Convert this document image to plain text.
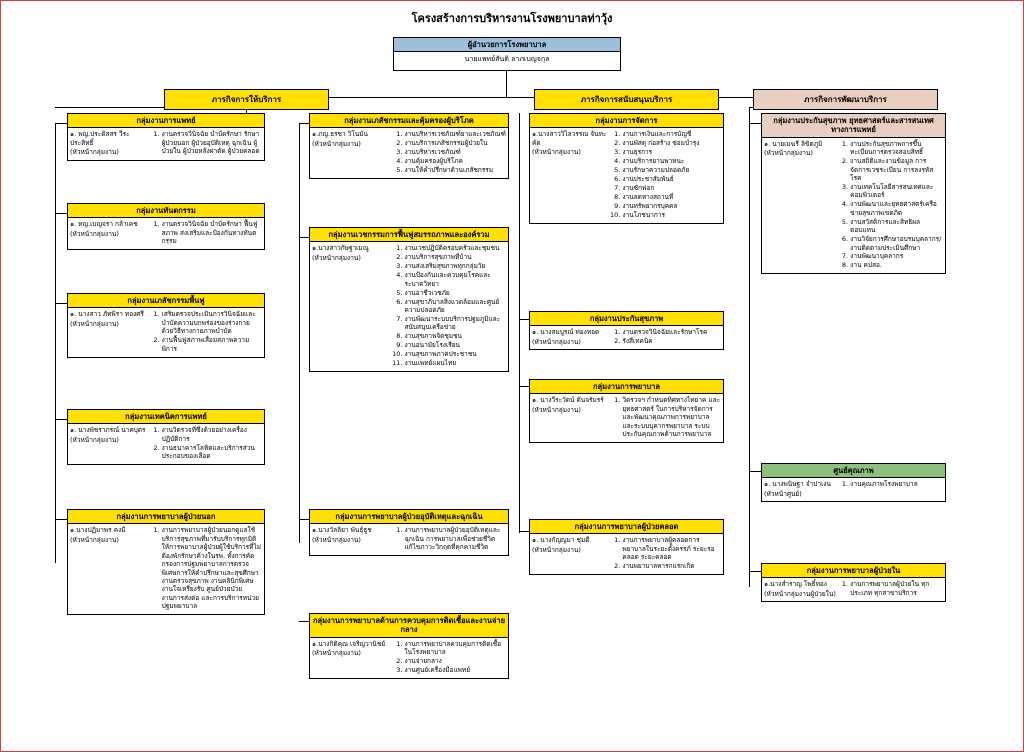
โครงสร้างการบริหารงานโรงพยาบาลท่าวุ้ง
ผู้อำนวยการโรงพยาบาล
นายแพทย์สันติ ลาภเบญจกุล
ภารกิจการให้บริการ	ภารกิจการสนับสนุนบริการ	ภารกิจการพัฒนาบริการ
กลุ่มงานการแพทย์
๑. พญ.ประดิสสร วีระประสิทธิ์
(หัวหน้ากลุ่มงาน)
1. งานตรวจวินิจฉัย บำบัดรักษา รักษาผู้ป่วยนอก ผู้ป่วยอุบัติเหตุ ฉุกเฉิน ผู้ป่วยใน ผู้ป่วยหลังผ่าตัด ผู้ป่วยคลอด
กลุ่มงานทันตกรรม
๑. ทญ.เบญจรา กล้าเคช
(หัวหน้ากลุ่มงาน)
1. งานตรวจวินิจฉัย บำบัดรักษา ฟื้นฟูสภาพ ส่งเสริมและป้องกันทางทันตกรรม
กลุ่มงานเภสัชกรรมพื้นฟู
๑. นางสาว ภัทพิรา ทองศรี
(หัวหน้ากลุ่มงาน)
1. เสริมตรวจประเมินการวินิจฉัยและบำบัดความบกพร่องของร่างกาย ด้วยวิธีทางกายภาพบำบัด
2. งานฟื้นฟูสภาพเสื่อมสภาพความพิการ
กลุ่มงานเทคนิคการแพทย์
๑. นางพัชราภรณ์ นาคบุตร
(หัวหน้ากลุ่มงาน)
1. งานวิตรวจที่ซึ่งด้วยอย่างเครื่องปฏิบัติการ
2. งานธนาคารโลหิตและบริการส่วนประกอบของเลือด
กลุ่มงานการพยาบาลผู้ป่วยนอก
๑.นางปฏิมาพร คงมี
(หัวหน้ากลุ่มงาน)
1. งานการพยาบาลผู้ป่วยนอกดูแลใช้บริการสุขภาพที่มารับบริการทุกมิติให้การพยาบาลผู้ป่วยผู้ใช้บริการที่ไม่ต้องพักรักษาค้างในรพ. ทั้งการคัดกรองการปฐมพยาบาลการตรวจพิเศษการให้คำปรึกษาและสุขศึกษา งานตรวจสุขภาพ งานคลินิกพิเศษ งานใจเหรี่ยงรับ ศูนย์ป่วยป่วย งานการส่งต่อ และการบริการหน่วยปฐมพยาบาล
กลุ่มงานเภสัชกรรมและคุ้มครองผู้บริโภค
๑.ภญ.ธรชา วิโนมัน
(หัวหน้ากลุ่มงาน)
1. งานบริหารเวชภัณฑ์ยาและเวชภัณฑ์
2. งานบริการเภสัชกรรมผู้ป่วยใน
3. งานบริหารเวชภัณฑ์
4. งานคุ้มครองผู้บริโภค
5. งานให้คำปรึกษาด้านเภสัชกรรม
กลุ่มงานเวชกรรมการฟื้นฟูสมรรถภาพและองค์รวม
๑.นางสาวกัษฐาเมณู
(หัวหน้ากลุ่มงาน)
1. งานเวชปฏิบัติครอบครัวและชุมชน
2. งานบริการสุขภาพที่บ้าน
3. งานส่งเสริมสุขภาพทุกกลุ่มวัย
4. งานป้องกันและควบคุมโรคและ ระบาดวิทยา
5. งานอาชีวเวชภัย
6. งานสุขาภิบาลสิ่งแวดล้อมและศูนย์ความปลอดภัย
7. งานพัฒนาระบบบริการปฐมภูมิและสนับสนุนเครือข่าย
8. งานสุขภาพจิตชุมชน
9. งานอนามัยโรงเรียน
10. งานสุขภาพภาคประชาชน
11. งานแพทย์แผนไทย
กลุ่มงานการพยาบาลผู้ป่วยอุบัติเหตุและฉุกเฉิน
๑.นางวัลลิยา พันธุ์ธูช
(หัวหน้ากลุ่มงาน)
1. งานการพยาบาลผู้ป่วยอุบัติเหตุและฉุกเฉิน การพยาบาลเพื่อช่วยชีวิต แก้ไขภาวะวิกฤตที่คุกคามชีวิต
กลุ่มงานการพยาบาลด้านการควบคุมการติดเชื้อและงานจ่ายกลาง
๑.นางกิติคุณ เจริญวานิชย์
(หัวหน้ากลุ่มงาน)
1. งานการพยาบาลควบคุมการติดเชื้อในโรงพยาบาล
2. งานจ่ายกลาง
3. งานศูนย์เครื่องมือแพทย์
กลุ่มงานการจัดการ
๑.นางสาววิไลวรรณ จันทะคัด
(หัวหน้ากลุ่มงาน)
1. งานการเงินและการบัญชี
2. งานพัสดุ ก่อสร้าง ซ่อมบำรุง
3. งานธุรการ
4. งานบริการยานพาหนะ
5. งานรักษาความปลอดภัย
6. งานประชาสัมพันธ์
7. งานซักฟอก
8. งานลดหางสถานที่
9. งานทรัพยากรบุคคล
10. งานโภชนาการ
กลุ่มงานประกันสุขภาพ
๑. นางสมบูรณ์ ทองทอด
(หัวหน้ากลุ่มงาน)
1. งานตรวจวินิจฉัยและรักษาโรค
2. รังสีเทคนิค
กลุ่มงานการพยาบาล
๑. นางวีระวัตน์ ตันจรัมรร์
(หัวหน้ากลุ่มงาน)
1. วิตรวจฯ กำหนดทิศทางไทยาค และยุทธศาสตร์ ในการบริหารจัดการและพัฒนาคุณภาพการพยาบาลและระบบบุคากรพยาบาล ระบบประกันคุณภาพด้านการพยาบาล
กลุ่มงานการพยาบาลผู้ป่วยคลอด
๑. นางกัญญมา ชุ่มดี
(หัวหน้ากลุ่มงาน)
1. งานการพยาบาลผู้คลอดการพยาบาลในระยะตั้งครรภ์ ระยะรอคลอด ระยะคลอด
2. งานพยาบาลทารกแรกเกิด
กลุ่มงานประกันสุขภาพ ยุทธศาสตร์และสารสนเทศทางการแพทย์
๑. นายเมฆรี ลิขิตภูมิ
(หัวหน้ากลุ่มงาน)
1. งานประกันสุขภาพการขึ้นทะเบียนการตรวจสอบสิทธิ์
2. งานสถิติและงานข้อมูล การจัดการเวชระเบียน การลงรหัสโรค
3. งานเทคโนโลยีสารสนเทศและคอมพิวเตอร์
4. งานพัฒนาและยุทธศาสตร์เครือข่ายสุขภาพเขตภิต
5. งานสวัสดิการและสิทธิผลตอบแทน
6. งานวิจัยการศึกษาอบรมบุคลากร/งานติดตามประเมินศึกษา
7. งานพัฒนาบุคลากร
8. งาน คปสอ.
ศูนย์คุณภาพ
๑. นางพนิษฐา จำปาเงน
(หัวหน้าศูนย์)
1. งานคุณภาพโรงพยาบาล
กลุ่มงานการพยาบาลผู้ป่วยใน
๑.นางสำราญ โพธิ์ทอง
(หัวหน้ากลุ่มงานผู้ป่วยใน)
1. งานการพยาบาลผู้ป่วยใน ทุกประเภท ทุกสาขาบริการ
